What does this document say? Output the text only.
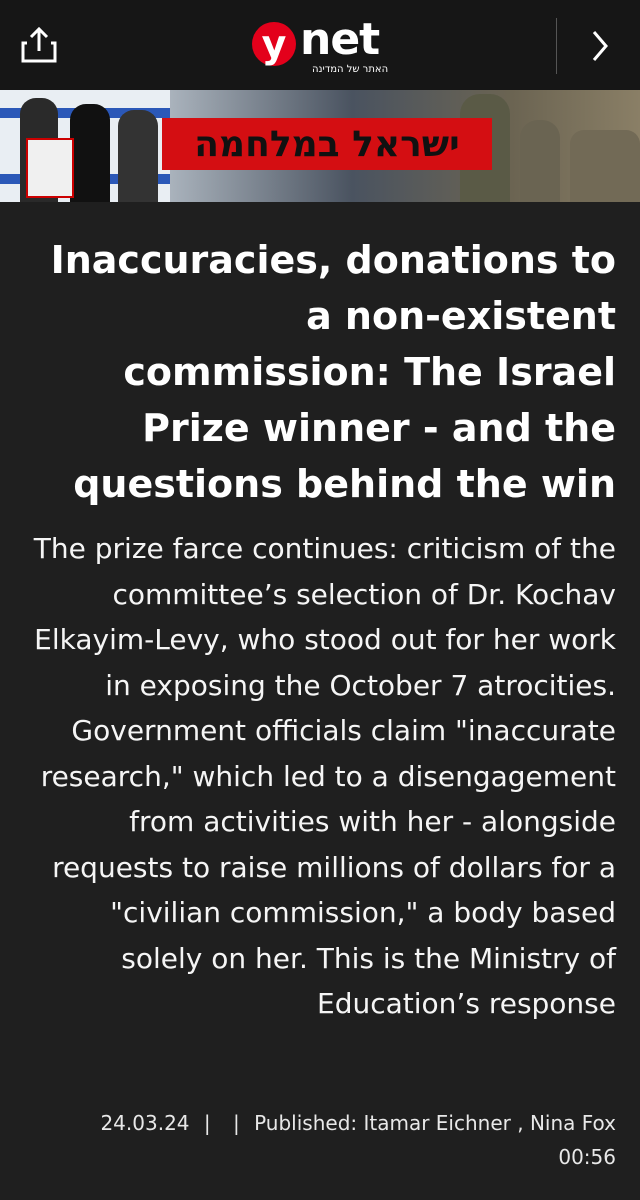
y net
האתר של המדינה
ישראל במלחמה
Inaccuracies, donations to a non-existent commission: The Israel Prize winner - and the questions behind the win

The prize farce continues: criticism of the committee’s selection of Dr. Kochav Elkayim-Levy, who stood out for her work in exposing the October 7 atrocities. Government officials claim "inaccurate research," which led to a disengagement from activities with her - alongside requests to raise millions of dollars for a "civilian commission," a body based solely on her. This is the Ministry of Education’s response

24.03.24 | | Published: Itamar Eichner , Nina Fox
00:56
